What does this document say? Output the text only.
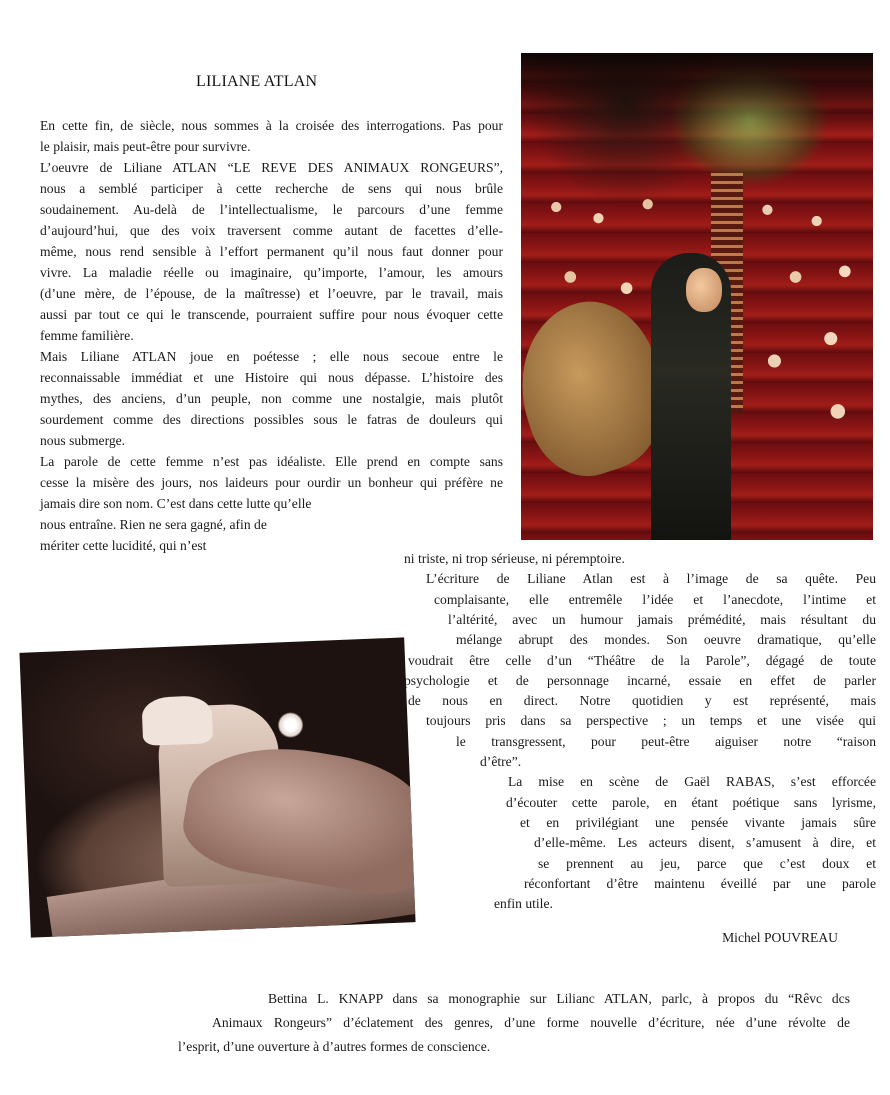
LILIANE ATLAN
En cette fin, de siècle, nous sommes à la croisée des interrogations. Pas pour
le plaisir, mais peut-être pour survivre.
L’oeuvre de Liliane ATLAN “LE REVE DES ANIMAUX RONGEURS”,
nous a semblé participer à cette recherche de sens qui nous brûle
soudainement. Au-delà de l’intellectualisme, le parcours d’une femme
d’aujourd’hui, que des voix traversent comme autant de facettes d’elle-
même, nous rend sensible à l’effort permanent qu’il nous faut donner pour
vivre. La maladie réelle ou imaginaire, qu’importe, l’amour, les amours
(d’une mère, de l’épouse, de la maîtresse) et l’oeuvre, par le travail, mais
aussi par tout ce qui le transcende, pourraient suffire pour nous évoquer cette
femme familière.
Mais Liliane ATLAN joue en poétesse ; elle nous secoue entre le
reconnaissable immédiat et une Histoire qui nous dépasse. L’histoire des
mythes, des anciens, d’un peuple, non comme une nostalgie, mais plutôt
sourdement comme des directions possibles sous le fatras de douleurs qui
nous submerge.
La parole de cette femme n’est pas idéaliste. Elle prend en compte sans
cesse la misère des jours, nos laideurs pour ourdir un bonheur qui préfère ne
jamais dire son nom. C’est dans cette lutte qu’elle
nous entraîne. Rien ne sera gagné, afin de
mériter cette lucidité, qui n’est
ni triste, ni trop sérieuse, ni péremptoire.
L’écriture de Liliane Atlan est à l’image de sa quête. Peu
complaisante, elle entremêle l’idée et l’anecdote, l’intime et
l’altérité, avec un humour jamais prémédité, mais résultant du
mélange abrupt des mondes. Son oeuvre dramatique, qu’elle
voudrait être celle d’un “Théâtre de la Parole”, dégagé de toute
psychologie et de personnage incarné, essaie en effet de parler
de nous en direct. Notre quotidien y est représenté, mais
toujours pris dans sa perspective ; un temps et une visée qui
le transgressent, pour peut-être aiguiser notre “raison
d’être”.
La mise en scène de Gaël RABAS, s’est efforcée
d’écouter cette parole, en étant poétique sans lyrisme,
et en privilégiant une pensée vivante jamais sûre
d’elle-même. Les acteurs disent, s’amusent à dire, et
se prennent au jeu, parce que c’est doux et
réconfortant d’être maintenu éveillé par une parole
enfin utile.
Michel POUVREAU
Bettina L. KNAPP dans sa monographie sur Lilianc ATLAN, parlc, à propos du “Rêvc dcs
Animaux Rongeurs” d’éclatement des genres, d’une forme nouvelle d’écriture, née d’une révolte de
l’esprit, d’une ouverture à d’autres formes de conscience.
